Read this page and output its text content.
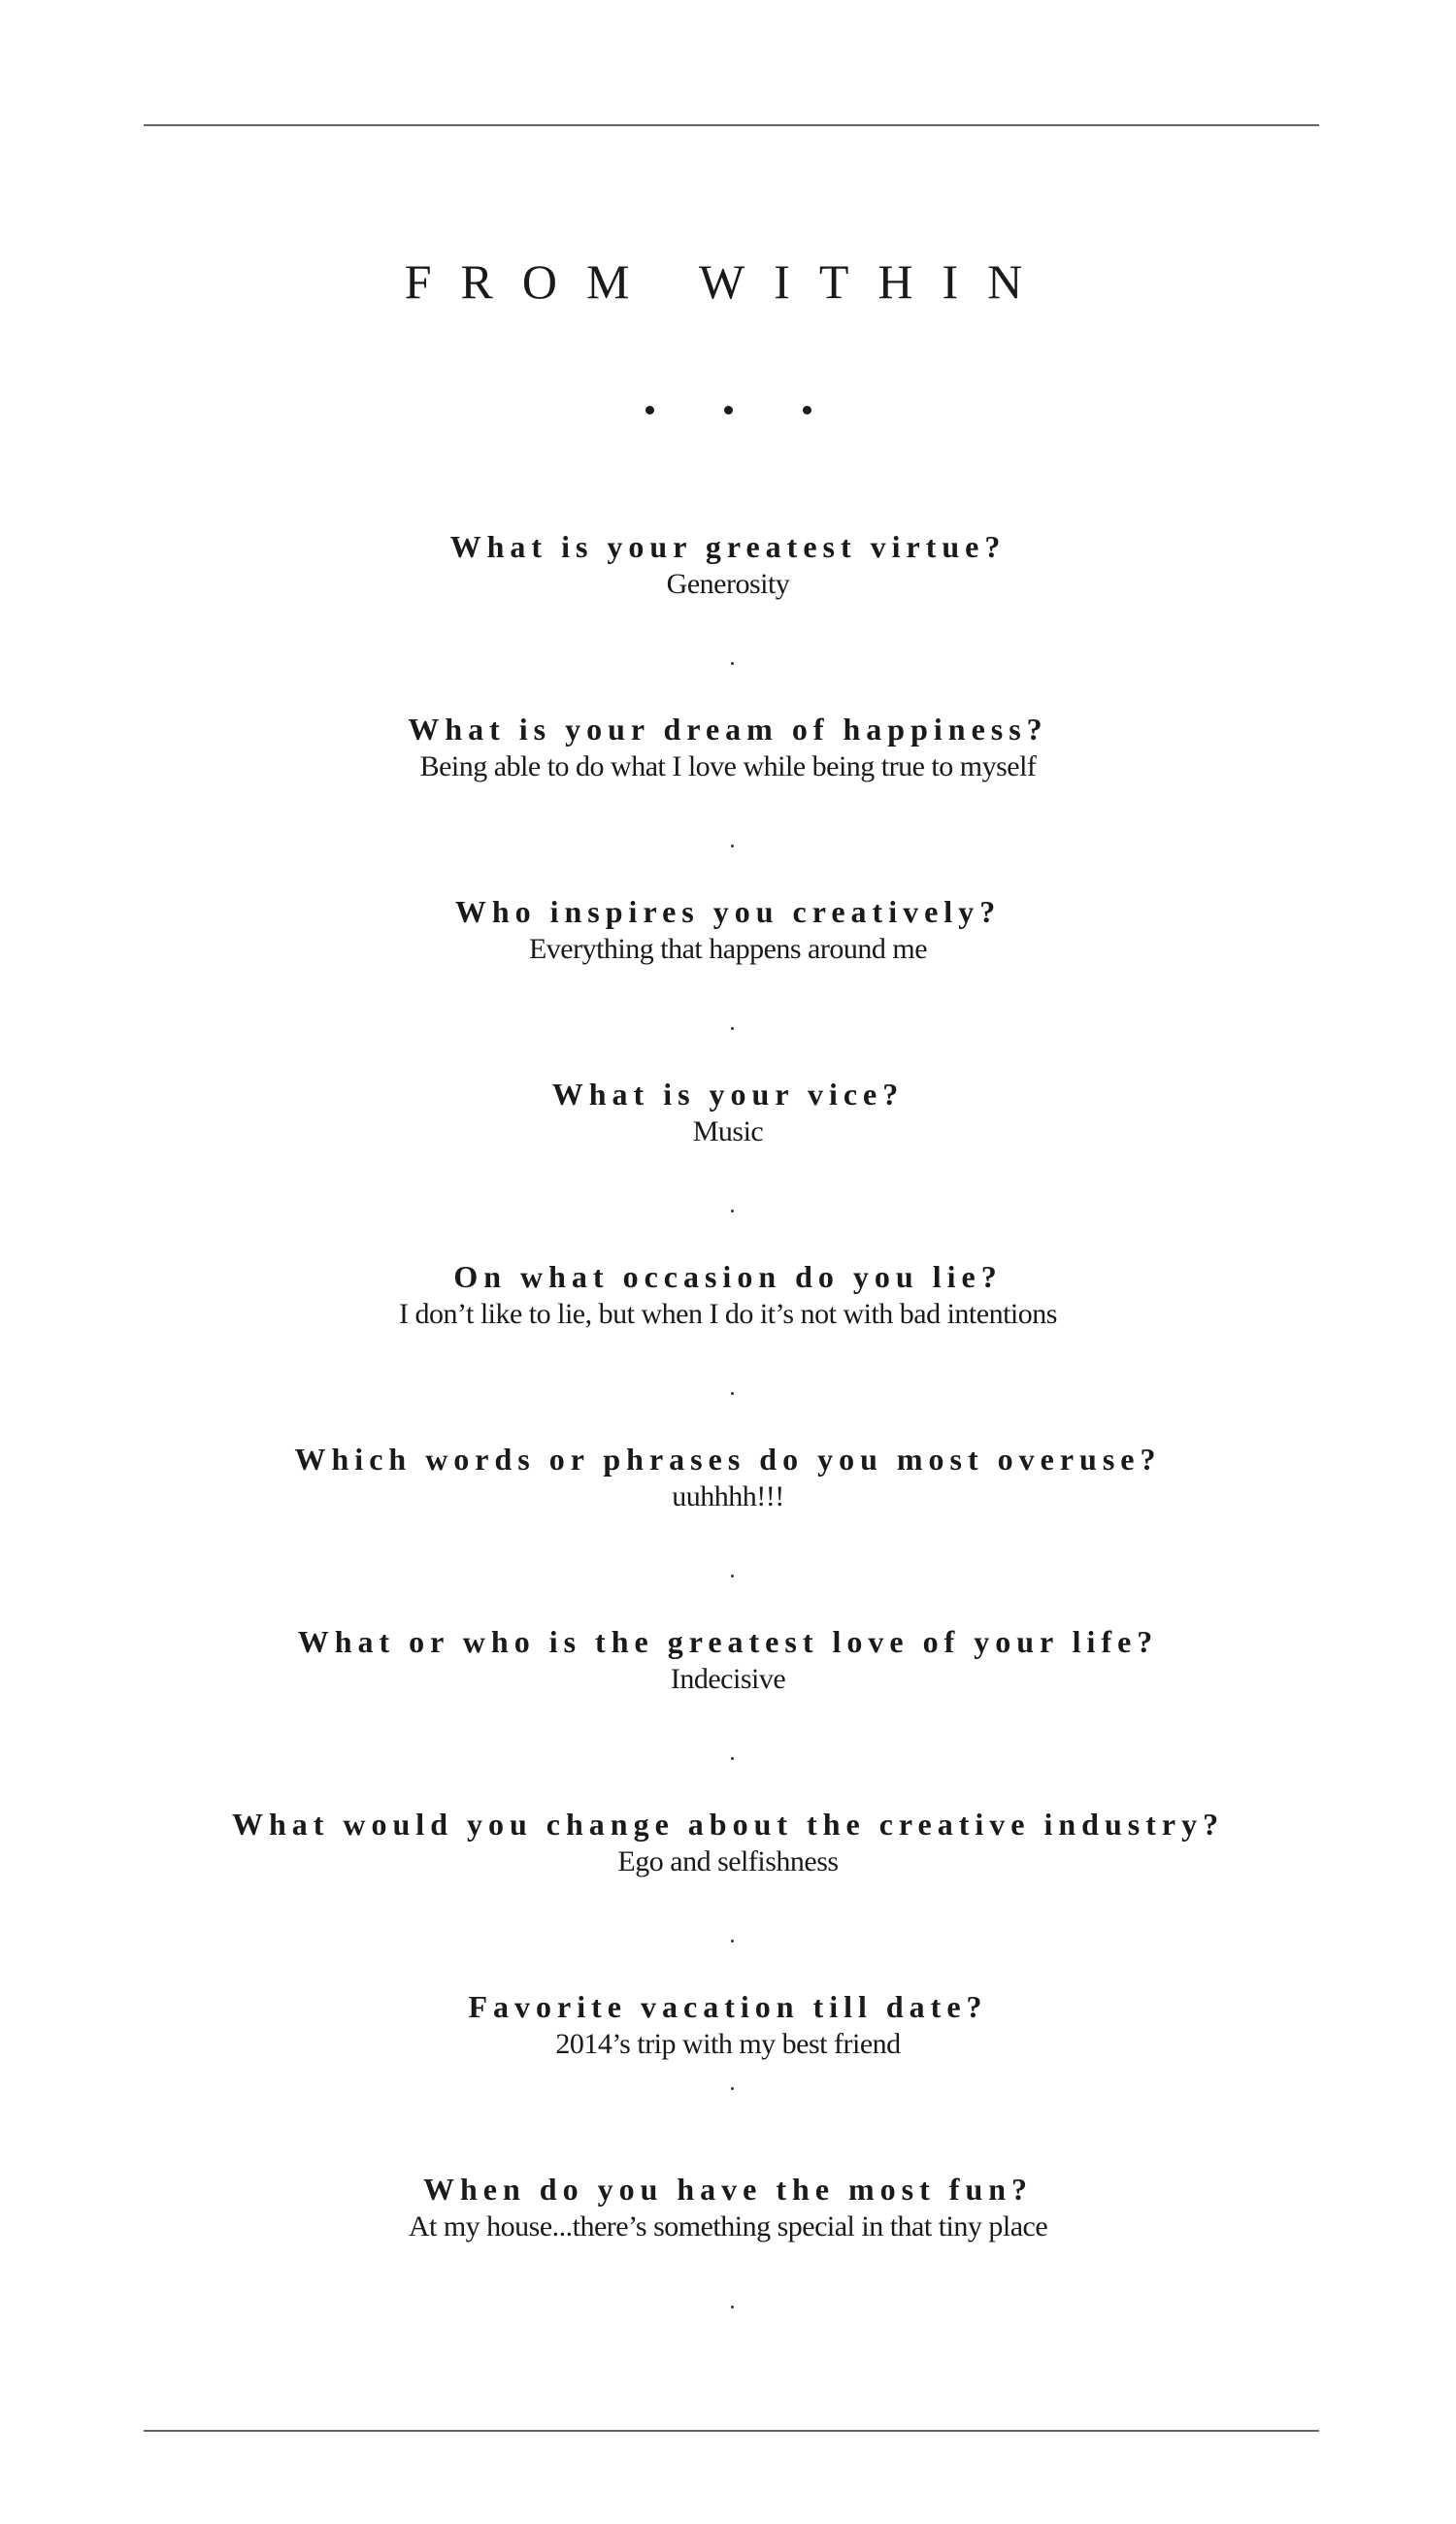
FROM WITHIN
What is your greatest virtue?
Generosity
What is your dream of happiness?
Being able to do what I love while being true to myself
Who inspires you creatively?
Everything that happens around me
What is your vice?
Music
On what occasion do you lie?
I don’t like to lie, but when I do it’s not with bad intentions
Which words or phrases do you most overuse?
uuhhhh!!!
What or who is the greatest love of your life?
Indecisive
What would you change about the creative industry?
Ego and selfishness
Favorite vacation till date?
2014’s trip with my best friend
When do you have the most fun?
At my house...there’s something special in that tiny place
